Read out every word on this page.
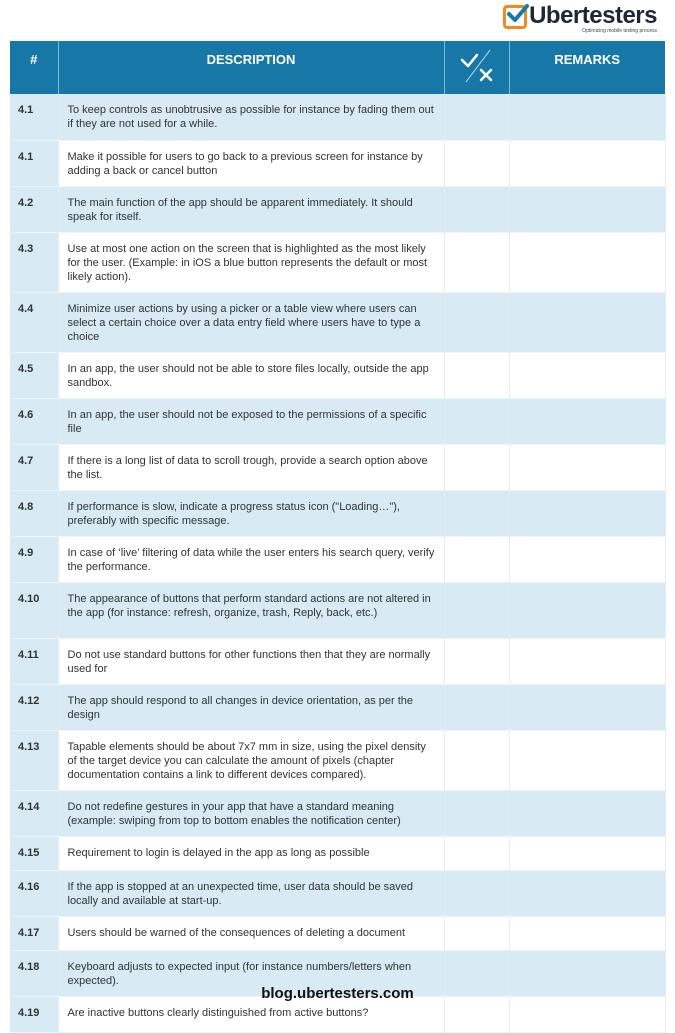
Ubertesters
Optimizing mobile testing process
#	DESCRIPTION		REMARKS
4.1	To keep controls as unobtrusive as possible for instance by fading them out if they are not used for a while.		
4.1	Make it possible for users to go back to a previous screen for instance by adding a back or cancel button		
4.2	The main function of the app should be apparent immediately. It should speak for itself.		
4.3	Use at most one action on the screen that is highlighted as the most likely for the user. (Example: in iOS a blue button represents the default or most likely action).		
4.4	Minimize user actions by using a picker or a table view where users can select a certain choice over a data entry field where users have to type a choice		
4.5	In an app, the user should not be able to store files locally, outside the app sandbox.		
4.6	In an app, the user should not be exposed to the permissions of a specific file		
4.7	If there is a long list of data to scroll trough, provide a search option above the list.		
4.8	If performance is slow, indicate a progress status icon ("Loading…"), preferably with specific message.		
4.9	In case of ‘live’ filtering of data while the user enters his search query, verify the performance.		
4.10	The appearance of buttons that perform standard actions are not altered in the app (for instance: refresh, organize, trash, Reply, back, etc.)		
4.11	Do not use standard buttons for other functions then that they are normally used for		
4.12	The app should respond to all changes in device orientation, as per the design		
4.13	Tapable elements should be about 7x7 mm in size, using the pixel density of the target device you can calculate the amount of pixels (chapter documentation contains a link to different devices compared).		
4.14	Do not redefine gestures in your app that have a standard meaning (example: swiping from top to bottom enables the notification center)		
4.15	Requirement to login is delayed in the app as long as possible		
4.16	If the app is stopped at an unexpected time, user data should be saved locally and available at start-up.		
4.17	Users should be warned of the consequences of deleting a document		
4.18	Keyboard adjusts to expected input (for instance numbers/letters when expected).		
4.19	Are inactive buttons clearly distinguished from active buttons?		
blog.ubertesters.com
